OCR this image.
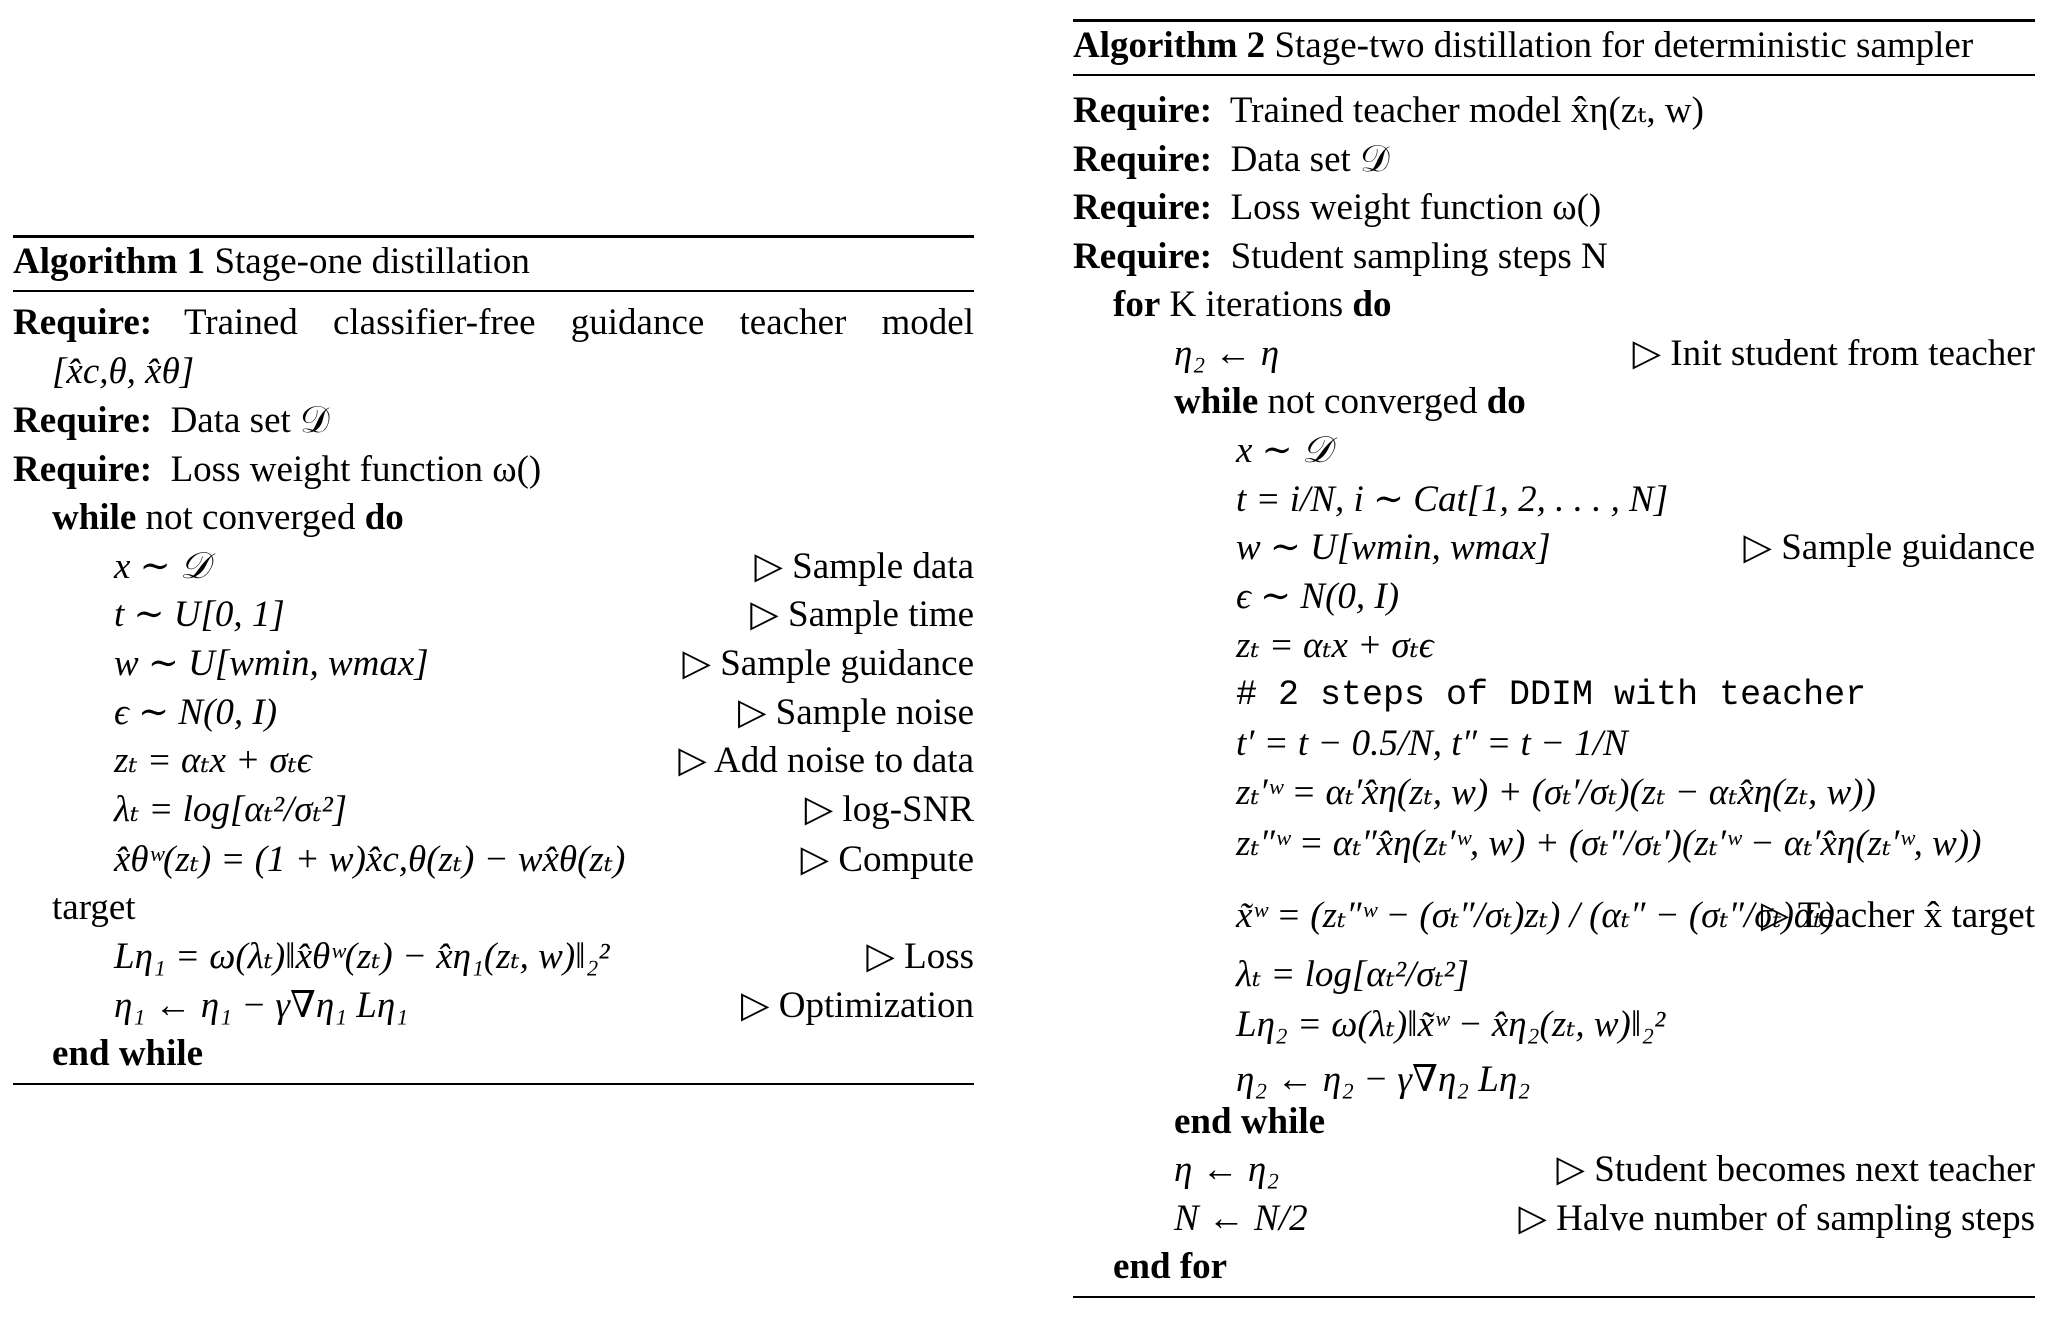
Algorithm 1 Stage-one distillation
Require: Trained classifier-free guidance teacher model
[x̂c,θ, x̂θ]
Require: Data set 𝒟
Require: Loss weight function ω()
while not converged do
x ∼ 𝒟	▷ Sample data
t ∼ U[0, 1]	▷ Sample time
w ∼ U[wmin, wmax]	▷ Sample guidance
ϵ ∼ N(0, I)	▷ Sample noise
zₜ = αₜx + σₜϵ	▷ Add noise to data
λₜ = log[αₜ²/σₜ²]	▷ log-SNR
x̂θʷ(zₜ) = (1 + w)x̂c,θ(zₜ) − wx̂θ(zₜ)	▷ Compute
target
Lη₁ = ω(λₜ)‖x̂θʷ(zₜ) − x̂η₁(zₜ, w)‖₂²	▷ Loss
η₁ ← η₁ − γ∇η₁ Lη₁	▷ Optimization
end while
Algorithm 2 Stage-two distillation for deterministic sampler
Require: Trained teacher model x̂η(zₜ, w)
Require: Data set 𝒟
Require: Loss weight function ω()
Require: Student sampling steps N
for K iterations do
η₂ ← η	▷ Init student from teacher
while not converged do
x ∼ 𝒟
t = i/N, i ∼ Cat[1, 2, . . . , N]
w ∼ U[wmin, wmax]	▷ Sample guidance
ϵ ∼ N(0, I)
zₜ = αₜx + σₜϵ
# 2 steps of DDIM with teacher
t′ = t − 0.5/N, t″ = t − 1/N
zₜ′ʷ = αₜ′x̂η(zₜ, w) + (σₜ′/σₜ)(zₜ − αₜx̂η(zₜ, w))
zₜ″ʷ = αₜ″x̂η(zₜ′ʷ, w) + (σₜ″/σₜ′)(zₜ′ʷ − αₜ′x̂η(zₜ′ʷ, w))
x̃ʷ = (zₜ″ʷ − (σₜ″/σₜ)zₜ) / (αₜ″ − (σₜ″/σₜ)αₜ)
▷ Teacher x̂ target
λₜ = log[αₜ²/σₜ²]
Lη₂ = ω(λₜ)‖x̃ʷ − x̂η₂(zₜ, w)‖₂²
η₂ ← η₂ − γ∇η₂ Lη₂
end while
η ← η₂	▷ Student becomes next teacher
N ← N/2	▷ Halve number of sampling steps
end for
